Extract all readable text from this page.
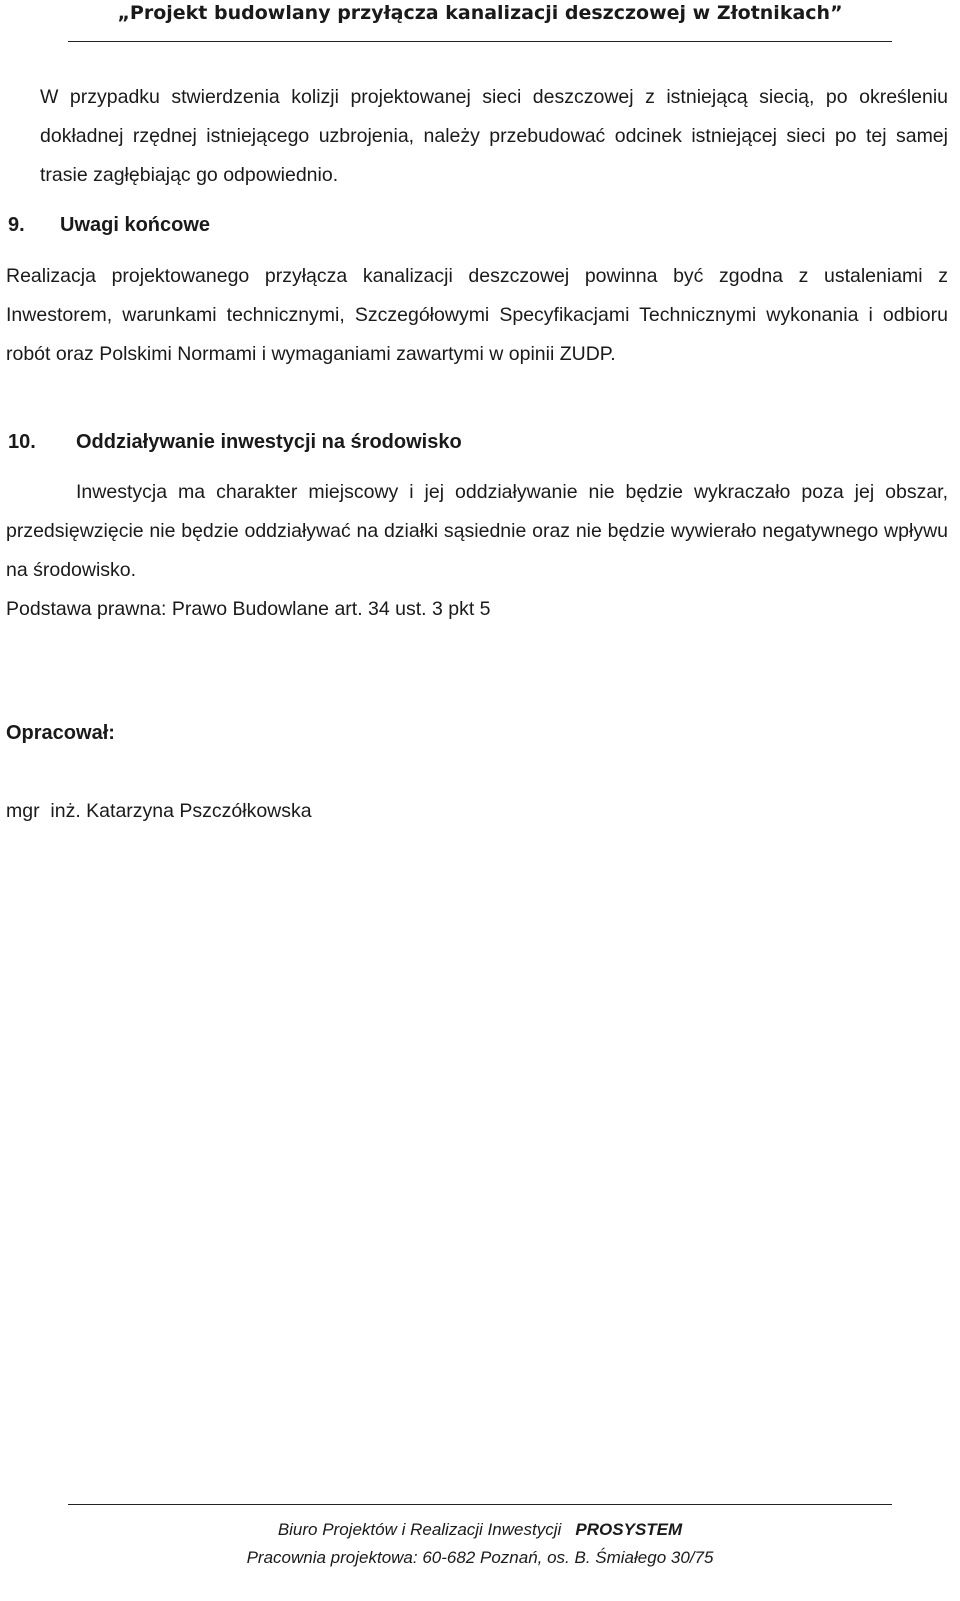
„Projekt budowlany przyłącza kanalizacji deszczowej w Złotnikach”

W przypadku stwierdzenia kolizji projektowanej sieci deszczowej z istniejącą siecią, po określeniu dokładnej rzędnej istniejącego uzbrojenia, należy przebudować odcinek istniejącej sieci po tej samej trasie zagłębiając go odpowiednio.

9. Uwagi końcowe

Realizacja projektowanego przyłącza kanalizacji deszczowej powinna być zgodna z ustaleniami z Inwestorem, warunkami technicznymi, Szczegółowymi Specyfikacjami Technicznymi wykonania i odbioru robót oraz Polskimi Normami i wymaganiami zawartymi w opinii ZUDP.

10. Oddziaływanie inwestycji na środowisko

Inwestycja ma charakter miejscowy i jej oddziaływanie nie będzie wykraczało poza jej obszar, przedsięwzięcie nie będzie oddziaływać na działki sąsiednie oraz nie będzie wywierało negatywnego wpływu na środowisko.

Podstawa prawna: Prawo Budowlane art. 34 ust. 3 pkt 5

Opracował:

mgr  inż. Katarzyna Pszczółkowska

Biuro Projektów i Realizacji Inwestycji PROSYSTEM
Pracownia projektowa: 60-682 Poznań, os. B. Śmiałego 30/75
